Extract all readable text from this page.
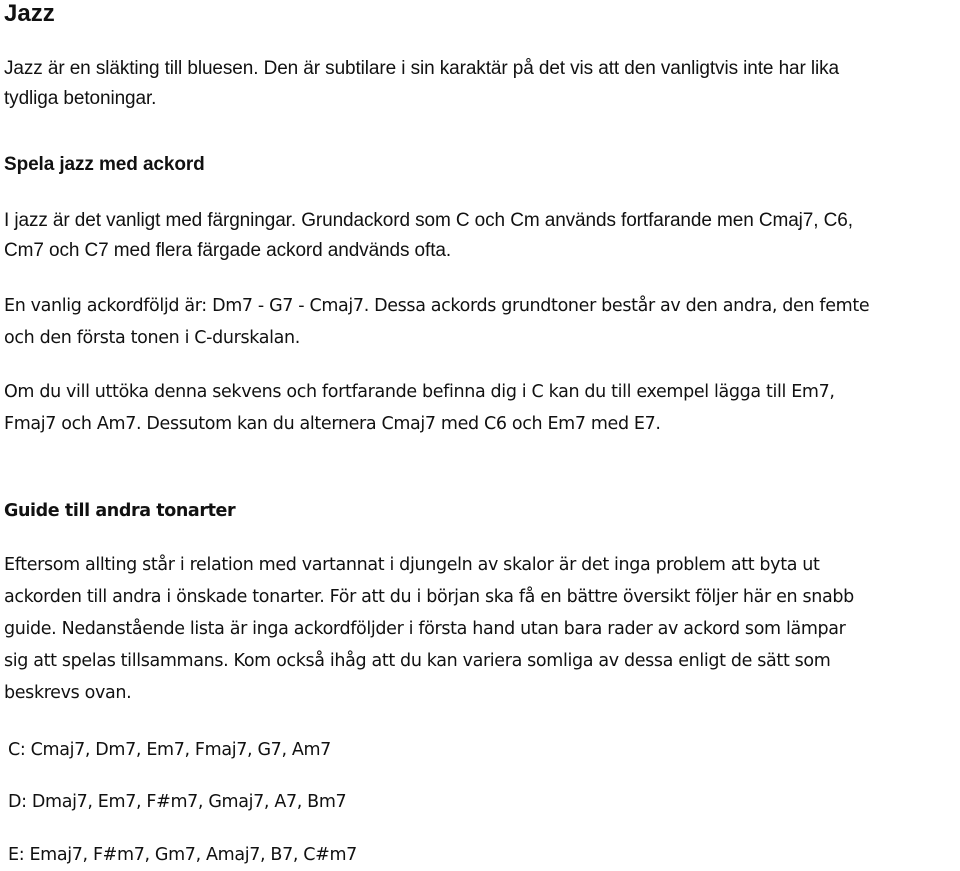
Jazz

Jazz är en släkting till bluesen. Den är subtilare i sin karaktär på det vis att den vanligtvis inte har lika
tydliga betoningar.

Spela jazz med ackord

I jazz är det vanligt med färgningar. Grundackord som C och Cm används fortfarande men Cmaj7, C6,
Cm7 och C7 med flera färgade ackord andvänds ofta.

En vanlig ackordföljd är: Dm7 - G7 - Cmaj7. Dessa ackords grundtoner består av den andra, den femte
och den första tonen i C-durskalan.

Om du vill uttöka denna sekvens och fortfarande befinna dig i C kan du till exempel lägga till Em7,
Fmaj7 och Am7. Dessutom kan du alternera Cmaj7 med C6 och Em7 med E7.

Guide till andra tonarter

Eftersom allting står i relation med vartannat i djungeln av skalor är det inga problem att byta ut
ackorden till andra i önskade tonarter. För att du i början ska få en bättre översikt följer här en snabb
guide. Nedanstående lista är inga ackordföljder i första hand utan bara rader av ackord som lämpar
sig att spelas tillsammans. Kom också ihåg att du kan variera somliga av dessa enligt de sätt som
beskrevs ovan.

C: Cmaj7, Dm7, Em7, Fmaj7, G7, Am7

D: Dmaj7, Em7, F#m7, Gmaj7, A7, Bm7

E: Emaj7, F#m7, Gm7, Amaj7, B7, C#m7
